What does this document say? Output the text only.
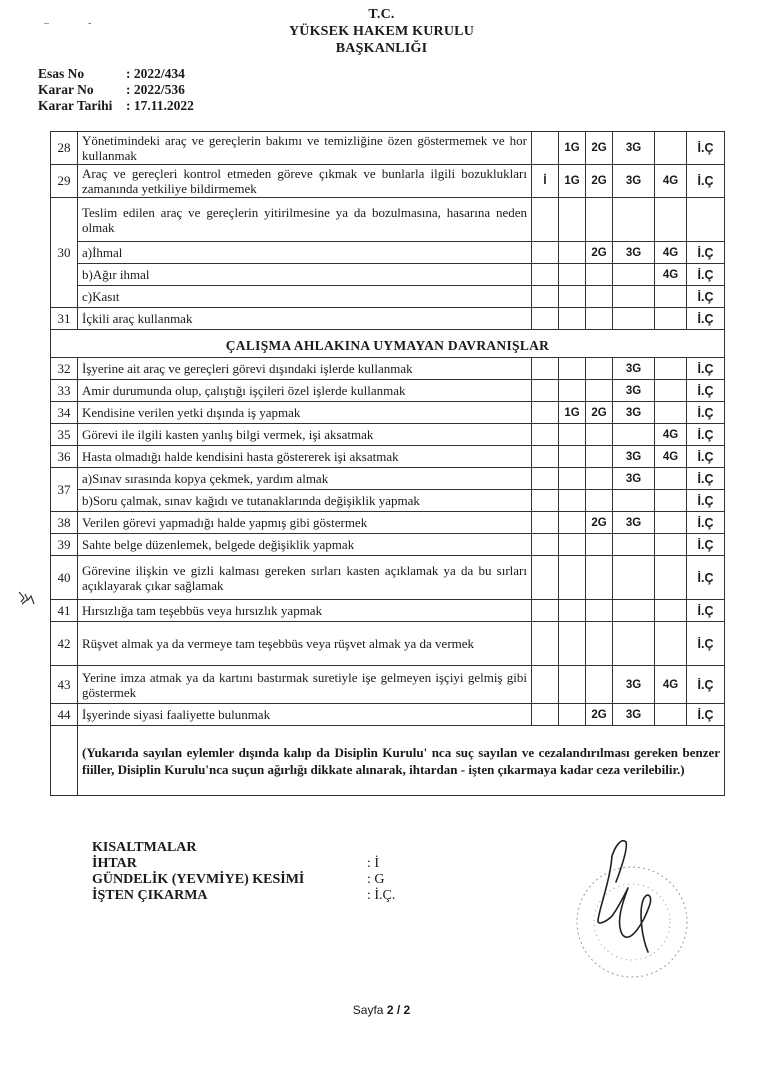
–	-
T.C.
YÜKSEK HAKEM KURULU
BAŞKANLIĞI
Esas No	: 2022/434
Karar No	: 2022/536
Karar Tarihi	: 17.11.2022
28	Yönetimindeki araç ve gereçlerin bakımı ve temizliğine özen göstermemek ve hor kullanmak		1G	2G	3G		İ.Ç
29	Araç ve gereçleri kontrol etmeden göreve çıkmak ve bunlarla ilgili bozuklukları zamanında yetkiliye bildirmemek	İ	1G	2G	3G	4G	İ.Ç
30	Teslim edilen araç ve gereçlerin yitirilmesine ya da bozulmasına, hasarına neden olmak						
	a)İhmal			2G	3G	4G	İ.Ç
	b)Ağır ihmal					4G	İ.Ç
	c)Kasıt						İ.Ç
31	İçkili araç kullanmak						İ.Ç
ÇALIŞMA AHLAKINA UYMAYAN DAVRANIŞLAR							
32	İşyerine ait araç ve gereçleri görevi dışındaki işlerde kullanmak				3G		İ.Ç
33	Amir durumunda olup, çalıştığı işçileri özel işlerde kullanmak				3G		İ.Ç
34	Kendisine verilen yetki dışında iş yapmak		1G	2G	3G		İ.Ç
35	Görevi ile ilgili kasten yanlış bilgi vermek, işi aksatmak					4G	İ.Ç
36	Hasta olmadığı halde kendisini hasta göstererek işi aksatmak				3G	4G	İ.Ç
37	a)Sınav sırasında kopya çekmek, yardım almak				3G		İ.Ç
	b)Soru çalmak, sınav kağıdı ve tutanaklarında değişiklik yapmak						İ.Ç
38	Verilen görevi yapmadığı halde yapmış gibi göstermek			2G	3G		İ.Ç
39	Sahte belge düzenlemek, belgede değişiklik yapmak						İ.Ç
40	Görevine ilişkin ve gizli kalması gereken sırları kasten açıklamak ya da bu sırları açıklayarak çıkar sağlamak						İ.Ç
41	Hırsızlığa tam teşebbüs veya hırsızlık yapmak						İ.Ç
42	Rüşvet almak ya da vermeye tam teşebbüs veya rüşvet almak ya da vermek						İ.Ç
43	Yerine imza atmak ya da kartını bastırmak suretiyle işe gelmeyen işçiyi gelmiş gibi göstermek				3G	4G	İ.Ç
44	İşyerinde siyasi faaliyette bulunmak			2G	3G		İ.Ç
	(Yukarıda sayılan eylemler dışında kalıp da Disiplin Kurulu' nca suç sayılan ve cezalandırılması gereken benzer fiiller, Disiplin Kurulu'nca suçun ağırlığı dikkate alınarak, ihtardan - işten çıkarmaya kadar ceza verilebilir.)						
KISALTMALAR
İHTAR	: İ
GÜNDELİK (YEVMİYE) KESİMİ	: G
İŞTEN ÇIKARMA	: İ.Ç.
Sayfa 2 / 2
